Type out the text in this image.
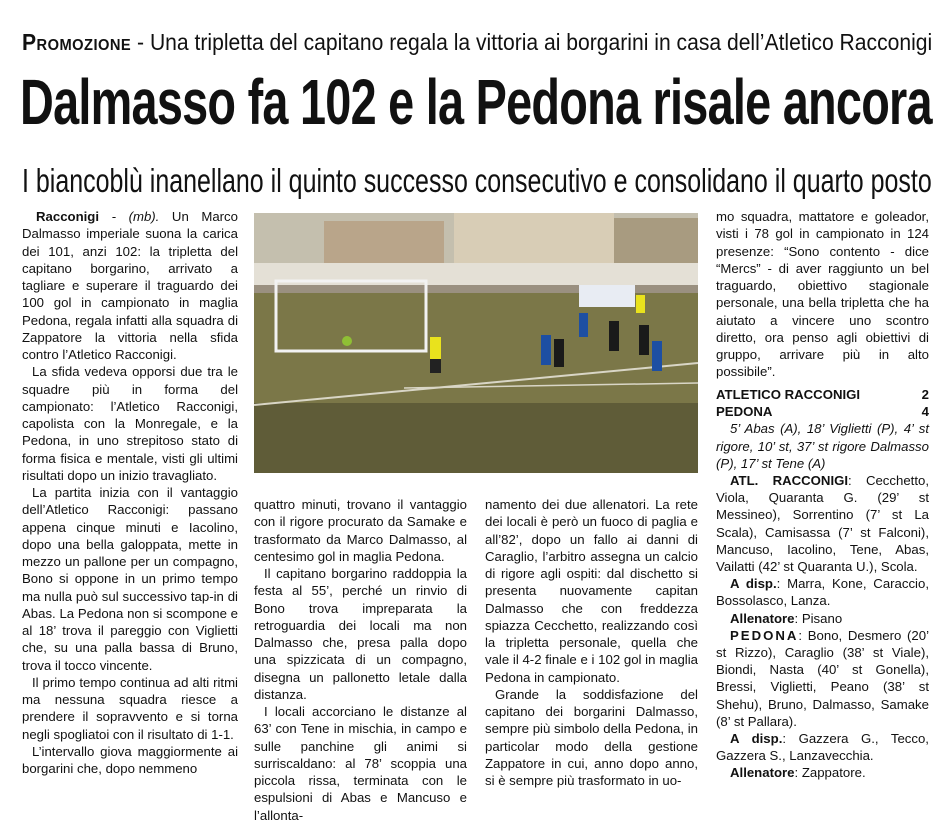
Promozione - Una tripletta del capitano regala la vittoria ai borgarini in casa dell’Atletico Racconigi
Dalmasso fa 102 e la Pedona risale ancora
I biancoblù inanellano il quinto successo consecutivo e consolidano il quarto posto

Racconigi - (mb). Un Marco Dalmasso imperiale suona la carica dei 101, anzi 102: la tripletta del capitano borgarino, arrivato a tagliare e superare il traguardo dei 100 gol in campionato in maglia Pedona, regala infatti alla squadra di Zappatore la vittoria nella sfida contro l’Atletico Racconigi.

La sfida vedeva opporsi due tra le squadre più in forma del campionato: l’Atletico Racconigi, capolista con la Monregale, e la Pedona, in uno strepitoso stato di forma fisica e mentale, visti gli ultimi risultati dopo un inizio travagliato.

La partita inizia con il vantaggio dell’Atletico Racconigi: passano appena cinque minuti e Iacolino, dopo una bella galoppata, mette in mezzo un pallone per un compagno, Bono si oppone in un primo tempo ma nulla può sul successivo tap-in di Abas. La Pedona non si scompone e al 18’ trova il pareggio con Viglietti che, su una palla bassa di Bruno, trova il tocco vincente.

Il primo tempo continua ad alti ritmi ma nessuna squadra riesce a prendere il sopravvento e si torna negli spogliatoi con il risultato di 1-1.

L’intervallo giova maggiormente ai borgarini che, dopo nemmeno

quattro minuti, trovano il vantaggio con il rigore procurato da Samake e trasformato da Marco Dalmasso, al centesimo gol in maglia Pedona.

Il capitano borgarino raddoppia la festa al 55’, perché un rinvio di Bono trova impreparata la retroguardia dei locali ma non Dalmasso che, presa palla dopo una spizzicata di un compagno, disegna un pallonetto letale dalla distanza.

I locali accorciano le distanze al 63’ con Tene in mischia, in campo e sulle panchine gli animi si surriscaldano: al 78’ scoppia una piccola rissa, terminata con le espulsioni di Abas e Mancuso e l’allonta-

namento dei due allenatori. La rete dei locali è però un fuoco di paglia e all’82’, dopo un fallo ai danni di Caraglio, l’arbitro assegna un calcio di rigore agli ospiti: dal dischetto si presenta nuovamente capitan Dalmasso che con freddezza spiazza Cecchetto, realizzando così la tripletta personale, quella che vale il 4-2 finale e i 102 gol in maglia Pedona in campionato.

Grande la soddisfazione del capitano dei borgarini Dalmasso, sempre più simbolo della Pedona, in particolar modo della gestione Zappatore in cui, anno dopo anno, si è sempre più trasformato in uo-

mo squadra, mattatore e goleador, visti i 78 gol in campionato in 124 presenze: “Sono contento - dice “Mercs” - di aver raggiunto un bel traguardo, obiettivo stagionale personale, una bella tripletta che ha aiutato a vincere uno scontro diretto, ora penso agli obiettivi di gruppo, arrivare più in alto possibile”.

ATLETICO RACCONIGI	2
PEDONA	4

5’ Abas (A), 18’ Viglietti (P), 4’ st rigore, 10’ st, 37’ st rigore Dalmasso (P), 17’ st Tene (A)

ATL. RACCONIGI: Cecchetto, Viola, Quaranta G. (29’ st Messineo), Sorrentino (7’ st La Scala), Camisassa (7’ st Falconi), Mancuso, Iacolino, Tene, Abas, Vailatti (42’ st Quaranta U.), Scola.

A disp.: Marra, Kone, Caraccio, Bossolasco, Lanza.

Allenatore: Pisano

PEDONA: Bono, Desmero (20’ st Rizzo), Caraglio (38’ st Viale), Biondi, Nasta (40’ st Gonella), Bressi, Viglietti, Peano (38’ st Shehu), Bruno, Dalmasso, Samake (8’ st Pallara).

A disp.: Gazzera G., Tecco, Gazzera S., Lanzavecchia.

Allenatore: Zappatore.
